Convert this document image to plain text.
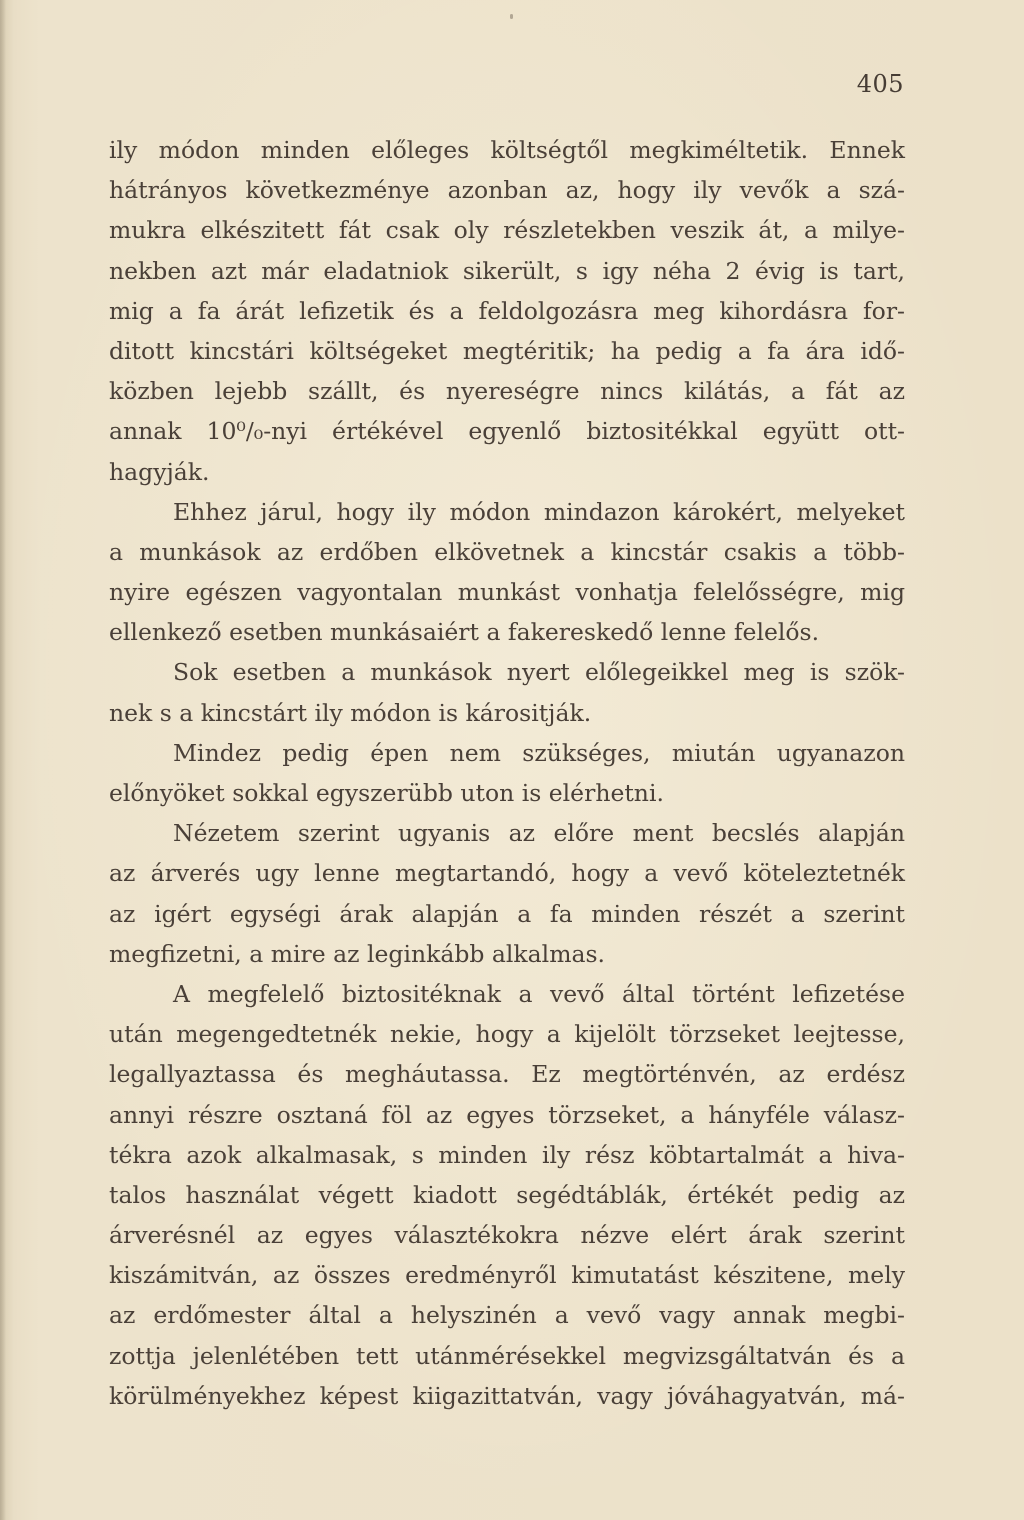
405
ily módon minden előleges költségtől megkiméltetik. Ennek
hátrányos következménye azonban az, hogy ily vevők a szá-
mukra elkészitett fát csak oly részletekben veszik át, a milye-
nekben azt már eladatniok sikerült, s igy néha 2 évig is tart,
mig a fa árát lefizetik és a feldolgozásra meg kihordásra for-
ditott kincstári költségeket megtéritik; ha pedig a fa ára idő-
közben lejebb szállt, és nyereségre nincs kilátás, a fát az
annak 10⁰/₀-nyi értékével egyenlő biztositékkal együtt ott-
hagyják.
Ehhez járul, hogy ily módon mindazon károkért, melyeket
a munkások az erdőben elkövetnek a kincstár csakis a több-
nyire egészen vagyontalan munkást vonhatja felelősségre, mig
ellenkező esetben munkásaiért a fakereskedő lenne felelős.
Sok esetben a munkások nyert előlegeikkel meg is szök-
nek s a kincstárt ily módon is kárositják.
Mindez pedig épen nem szükséges, miután ugyanazon
előnyöket sokkal egyszerübb uton is elérhetni.
Nézetem szerint ugyanis az előre ment becslés alapján
az árverés ugy lenne megtartandó, hogy a vevő köteleztetnék
az igért egységi árak alapján a fa minden részét a szerint
megfizetni, a mire az leginkább alkalmas.
A megfelelő biztositéknak a vevő által történt lefizetése
után megengedtetnék nekie, hogy a kijelölt törzseket leejtesse,
legallyaztassa és megháutassa. Ez megtörténvén, az erdész
annyi részre osztaná föl az egyes törzseket, a hányféle válasz-
tékra azok alkalmasak, s minden ily rész köbtartalmát a hiva-
talos használat végett kiadott segédtáblák, értékét pedig az
árverésnél az egyes választékokra nézve elért árak szerint
kiszámitván, az összes eredményről kimutatást készitene, mely
az erdőmester által a helyszinén a vevő vagy annak megbi-
zottja jelenlétében tett utánmérésekkel megvizsgáltatván és a
körülményekhez képest kiigazittatván, vagy jóváhagyatván, má-
